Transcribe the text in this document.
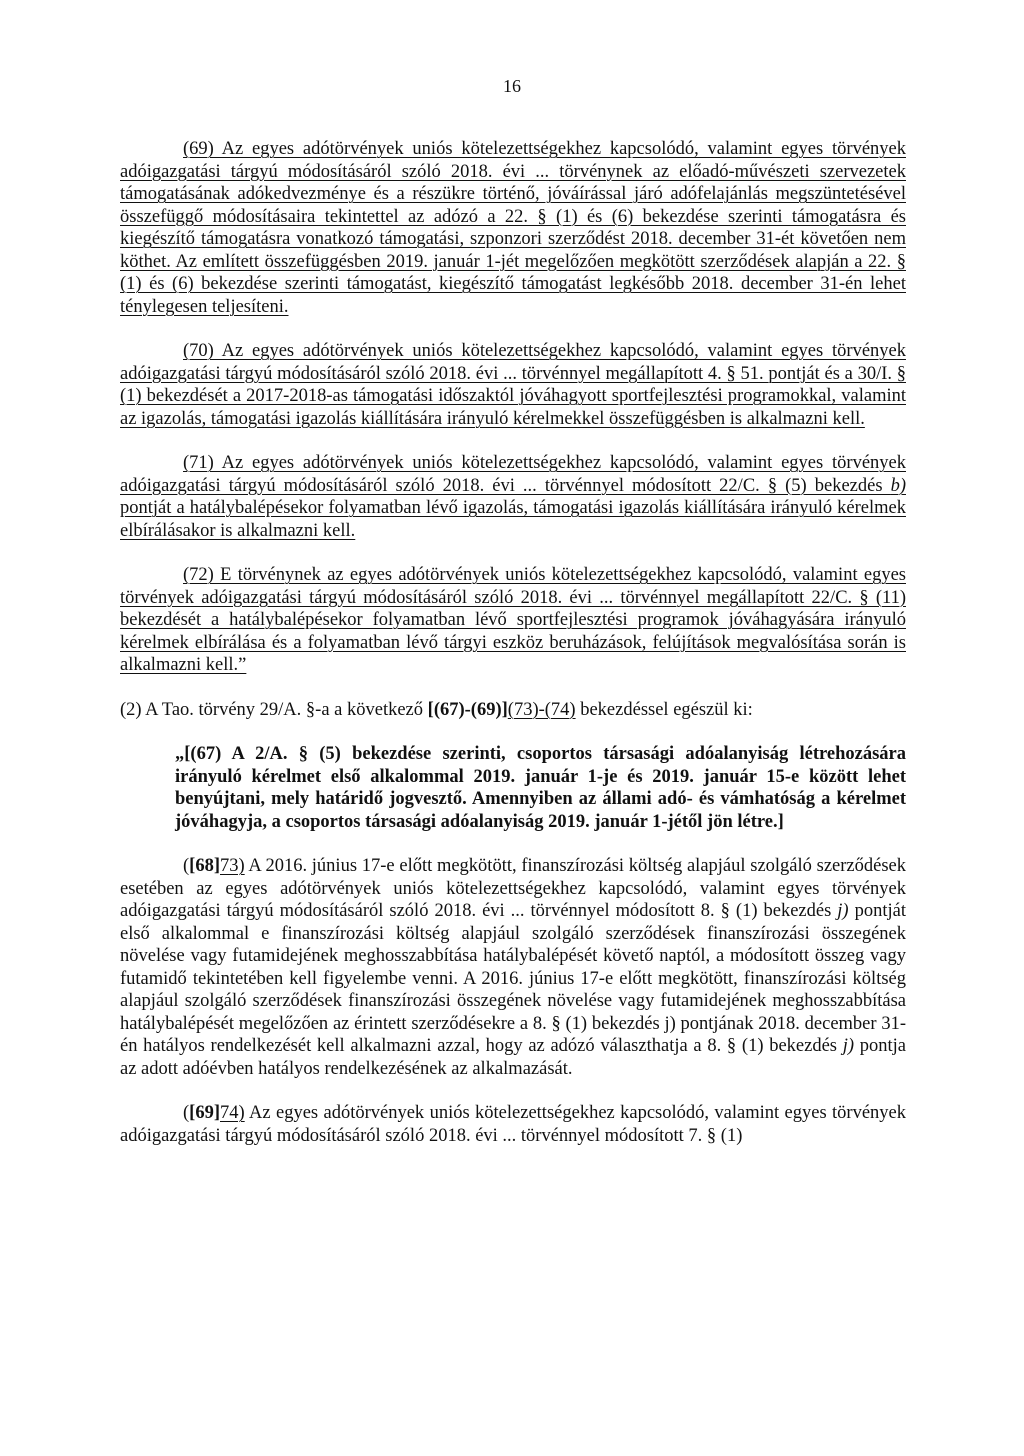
16

(69) Az egyes adótörvények uniós kötelezettségekhez kapcsolódó, valamint egyes törvények adóigazgatási tárgyú módosításáról szóló 2018. évi ... törvénynek az előadó-művészeti szervezetek támogatásának adókedvezménye és a részükre történő, jóváírással járó adófelajánlás megszüntetésével összefüggő módosításaira tekintettel az adózó a 22. § (1) és (6) bekezdése szerinti támogatásra és kiegészítő támogatásra vonatkozó támogatási, szponzori szerződést 2018. december 31-ét követően nem köthet. Az említett összefüggésben 2019. január 1-jét megelőzően megkötött szerződések alapján a 22. § (1) és (6) bekezdése szerinti támogatást, kiegészítő támogatást legkésőbb 2018. december 31-én lehet ténylegesen teljesíteni.

(70) Az egyes adótörvények uniós kötelezettségekhez kapcsolódó, valamint egyes törvények adóigazgatási tárgyú módosításáról szóló 2018. évi ... törvénnyel megállapított 4. § 51. pontját és a 30/I. § (1) bekezdését a 2017-2018-as támogatási időszaktól jóváhagyott sportfejlesztési programokkal, valamint az igazolás, támogatási igazolás kiállítására irányuló kérelmekkel összefüggésben is alkalmazni kell.

(71) Az egyes adótörvények uniós kötelezettségekhez kapcsolódó, valamint egyes törvények adóigazgatási tárgyú módosításáról szóló 2018. évi ... törvénnyel módosított 22/C. § (5) bekezdés b) pontját a hatálybalépésekor folyamatban lévő igazolás, támogatási igazolás kiállítására irányuló kérelmek elbírálásakor is alkalmazni kell.

(72) E törvénynek az egyes adótörvények uniós kötelezettségekhez kapcsolódó, valamint egyes törvények adóigazgatási tárgyú módosításáról szóló 2018. évi ... törvénnyel megállapított 22/C. § (11) bekezdését a hatálybalépésekor folyamatban lévő sportfejlesztési programok jóváhagyására irányuló kérelmek elbírálása és a folyamatban lévő tárgyi eszköz beruházások, felújítások megvalósítása során is alkalmazni kell.”

(2) A Tao. törvény 29/A. §-a a következő [(67)-(69)](73)-(74) bekezdéssel egészül ki:

„[(67) A 2/A. § (5) bekezdése szerinti, csoportos társasági adóalanyiság létrehozására irányuló kérelmet első alkalommal 2019. január 1-je és 2019. január 15-e között lehet benyújtani, mely határidő jogvesztő. Amennyiben az állami adó- és vámhatóság a kérelmet jóváhagyja, a csoportos társasági adóalanyiság 2019. január 1-jétől jön létre.]

([68]73) A 2016. június 17-e előtt megkötött, finanszírozási költség alapjául szolgáló szerződések esetében az egyes adótörvények uniós kötelezettségekhez kapcsolódó, valamint egyes törvények adóigazgatási tárgyú módosításáról szóló 2018. évi ... törvénnyel módosított 8. § (1) bekezdés j) pontját első alkalommal e finanszírozási költség alapjául szolgáló szerződések finanszírozási összegének növelése vagy futamidejének meghosszabbítása hatálybalépését követő naptól, a módosított összeg vagy futamidő tekintetében kell figyelembe venni. A 2016. június 17-e előtt megkötött, finanszírozási költség alapjául szolgáló szerződések finanszírozási összegének növelése vagy futamidejének meghosszabbítása hatálybalépését megelőzően az érintett szerződésekre a 8. § (1) bekezdés j) pontjának 2018. december 31-én hatályos rendelkezését kell alkalmazni azzal, hogy az adózó választhatja a 8. § (1) bekezdés j) pontja az adott adóévben hatályos rendelkezésének az alkalmazását.

([69]74) Az egyes adótörvények uniós kötelezettségekhez kapcsolódó, valamint egyes törvények adóigazgatási tárgyú módosításáról szóló 2018. évi ... törvénnyel módosított 7. § (1)
